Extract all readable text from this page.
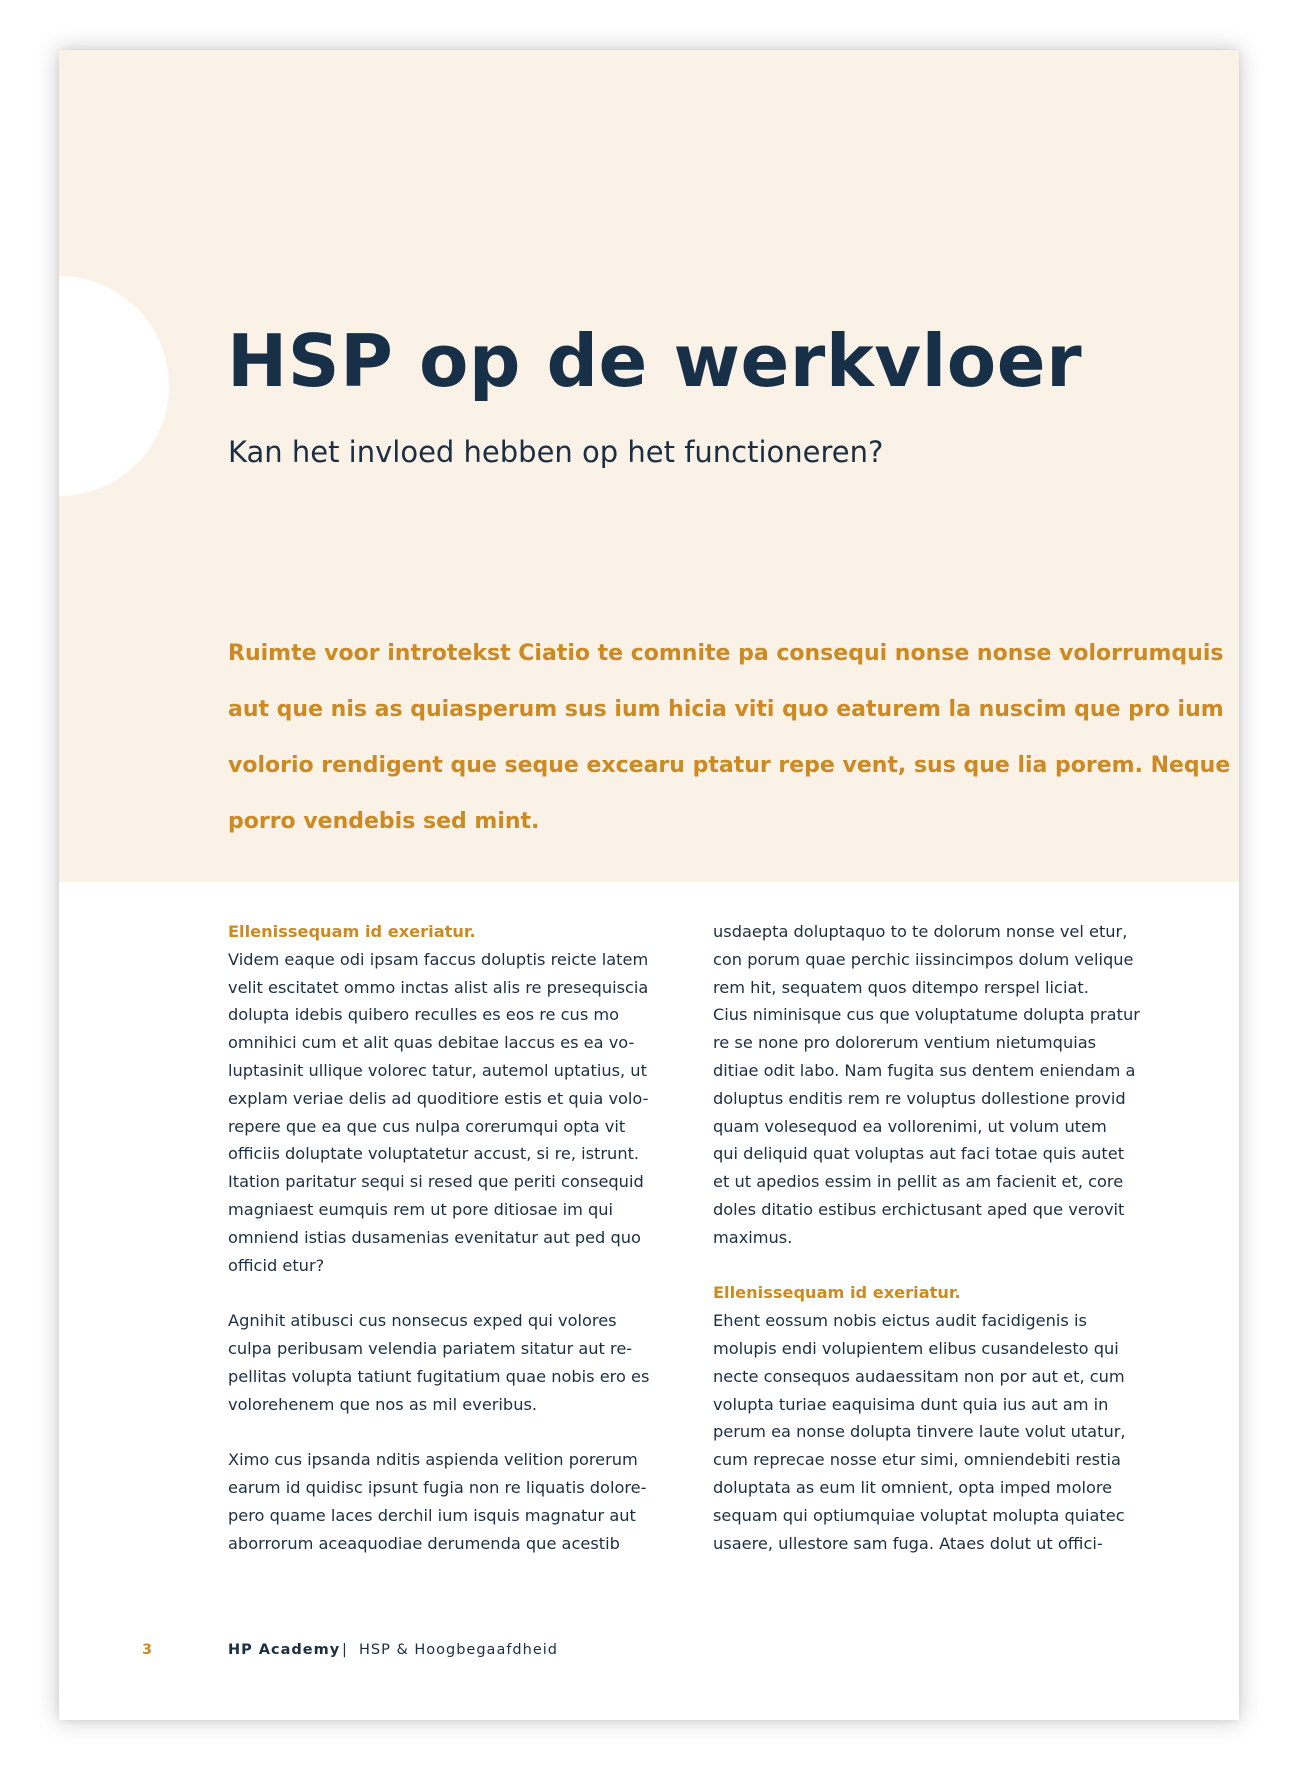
HSP op de werkvloer
Kan het invloed hebben op het functioneren?

Ruimte voor introtekst Ciatio te comnite pa consequi nonse nonse volorrumquis
aut que nis as quiasperum sus ium hicia viti quo eaturem la nuscim que pro ium
volorio rendigent que seque excearu ptatur repe vent, sus que lia porem. Neque
porro vendebis sed mint.

Ellenissequam id exeriatur.
Videm eaque odi ipsam faccus doluptis reicte latem
velit escitatet ommo inctas alist alis re presequiscia
dolupta idebis quibero reculles es eos re cus mo
omnihici cum et alit quas debitae laccus es ea vo-
luptasinit ullique volorec tatur, autemol uptatius, ut
explam veriae delis ad quoditiore estis et quia volo-
repere que ea que cus nulpa corerumqui opta vit
officiis doluptate voluptatetur accust, si re, istrunt.
Itation paritatur sequi si resed que periti consequid
magniaest eumquis rem ut pore ditiosae im qui
omniend istias dusamenias evenitatur aut ped quo
officid etur?
Agnihit atibusci cus nonsecus exped qui volores
culpa peribusam velendia pariatem sitatur aut re-
pellitas volupta tatiunt fugitatium quae nobis ero es
volorehenem que nos as mil everibus.
Ximo cus ipsanda nditis aspienda velition porerum
earum id quidisc ipsunt fugia non re liquatis dolore-
pero quame laces derchil ium isquis magnatur aut
aborrorum aceaquodiae derumenda que acestib
usdaepta doluptaquo to te dolorum nonse vel etur,
con porum quae perchic iissincimpos dolum velique
rem hit, sequatem quos ditempo rerspel liciat.
Cius niminisque cus que voluptatume dolupta pratur
re se none pro dolorerum ventium nietumquias
ditiae odit labo. Nam fugita sus dentem eniendam a
doluptus enditis rem re voluptus dollestione provid
quam volesequod ea vollorenimi, ut volum utem
qui deliquid quat voluptas aut faci totae quis autet
et ut apedios essim in pellit as am facienit et, core
doles ditatio estibus erchictusant aped que verovit
maximus.
Ellenissequam id exeriatur.
Ehent eossum nobis eictus audit facidigenis is
molupis endi volupientem elibus cusandelesto qui
necte consequos audaessitam non por aut et, cum
volupta turiae eaquisima dunt quia ius aut am in
perum ea nonse dolupta tinvere laute volut utatur,
cum reprecae nosse etur simi, omniendebiti restia
doluptata as eum lit omnient, opta imped molore
sequam qui optiumquiae voluptat molupta quiatec
usaere, ullestore sam fuga. Ataes dolut ut offici-
3	HP Academy | HSP & Hoogbegaafdheid
